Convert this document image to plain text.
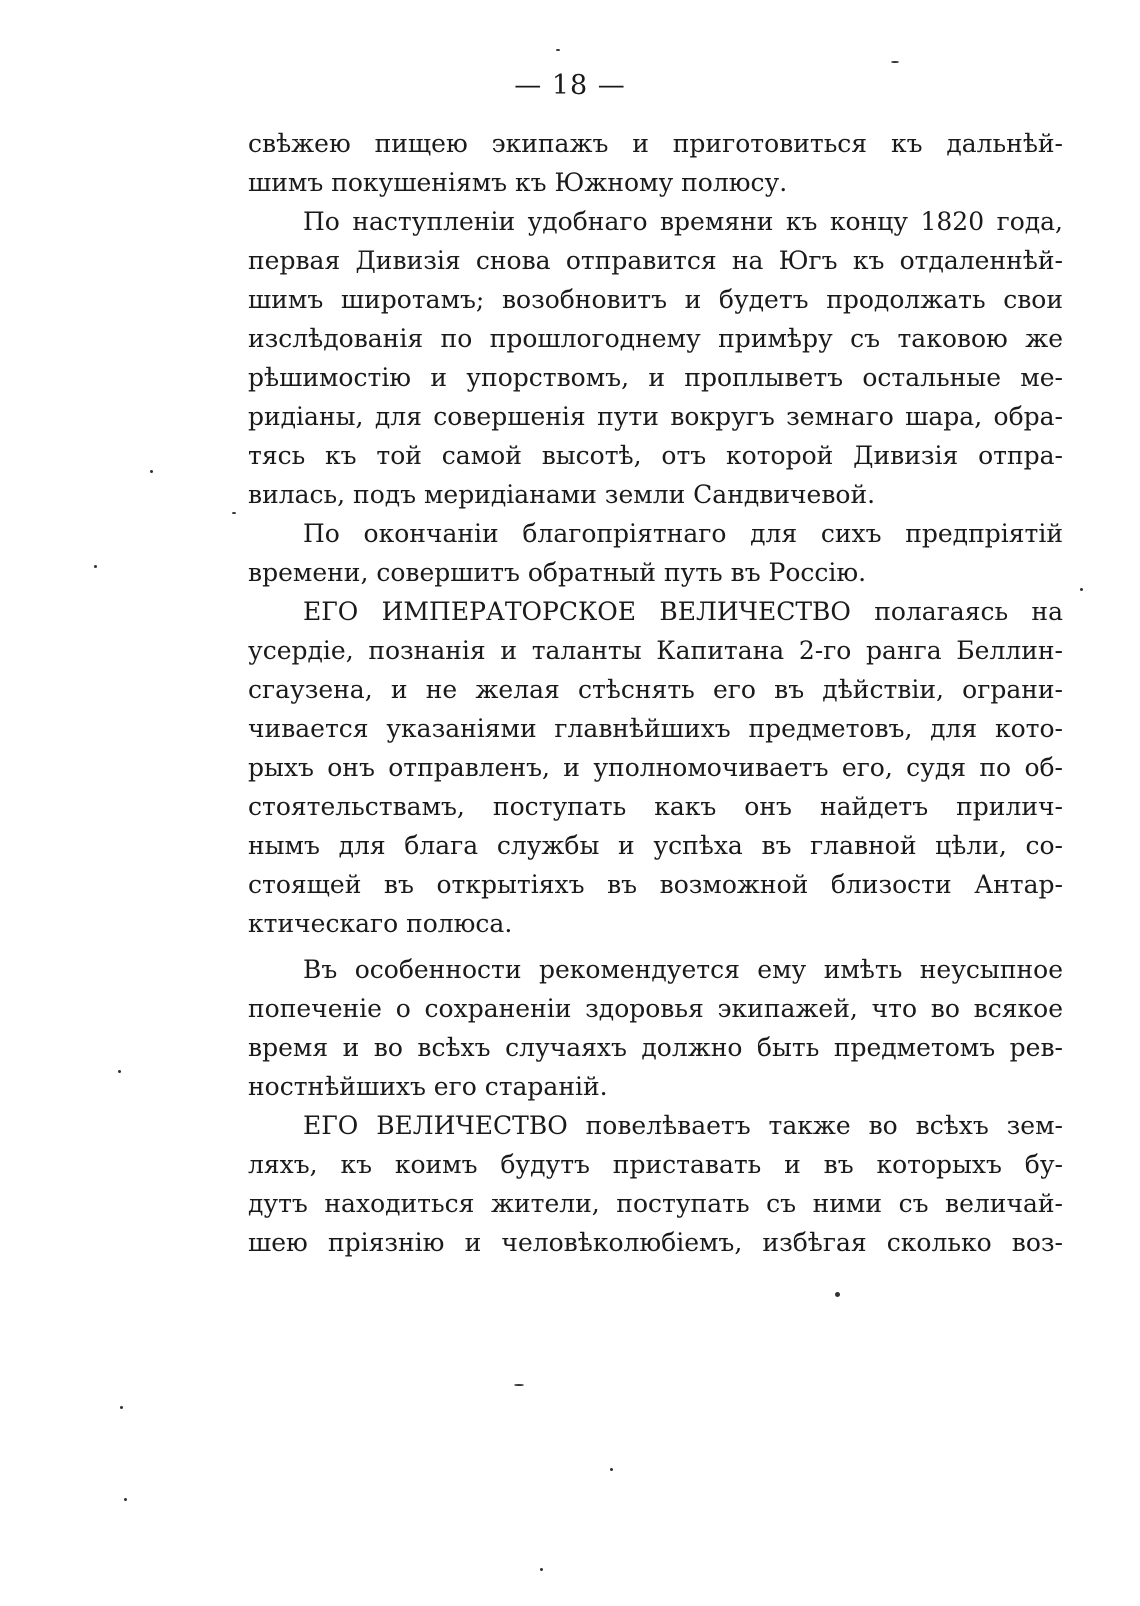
— 18 —
свѣжею пищею экипажъ и приготовиться къ дальнѣй-
шимъ покушеніямъ къ Южному полюсу.
По наступленіи удобнаго времяни къ концу 1820 года,
первая Дивизія снова отправится на Югъ къ отдаленнѣй-
шимъ широтамъ; возобновитъ и будетъ продолжать свои
изслѣдованія по прошлогоднему примѣру съ таковою же
рѣшимостію и упорствомъ, и проплыветъ остальные ме-
ридіаны, для совершенія пути вокругъ земнаго шара, обра-
тясь къ той самой высотѣ, отъ которой Дивизія отпра-
вилась, подъ меридіанами земли Сандвичевой.
По окончаніи благопріятнаго для сихъ предпріятій
времени, совершитъ обратный путь въ Россію.
ЕГО ИМПЕРАТОРСКОЕ ВЕЛИЧЕСТВО полагаясь на
усердіе, познанія и таланты Капитана 2-го ранга Беллин-
сгаузена, и не желая стѣснять его въ дѣйствіи, ограни-
чивается указаніями главнѣйшихъ предметовъ, для кото-
рыхъ онъ отправленъ, и уполномочиваетъ его, судя по об-
стоятельствамъ, поступать какъ онъ найдетъ прилич-
нымъ для блага службы и успѣха въ главной цѣли, со-
стоящей въ открытіяхъ въ возможной близости Антар-
ктическаго полюса.
Въ особенности рекомендуется ему имѣть неусыпное
попеченіе о сохраненіи здоровья экипажей, что во всякое
время и во всѣхъ случаяхъ должно быть предметомъ рев-
ностнѣйшихъ его стараній.
ЕГО ВЕЛИЧЕСТВО повелѣваетъ также во всѣхъ зем-
ляхъ, къ коимъ будутъ приставать и въ которыхъ бу-
дутъ находиться жители, поступать съ ними съ величай-
шею пріязнію и человѣколюбіемъ, избѣгая сколько воз-
